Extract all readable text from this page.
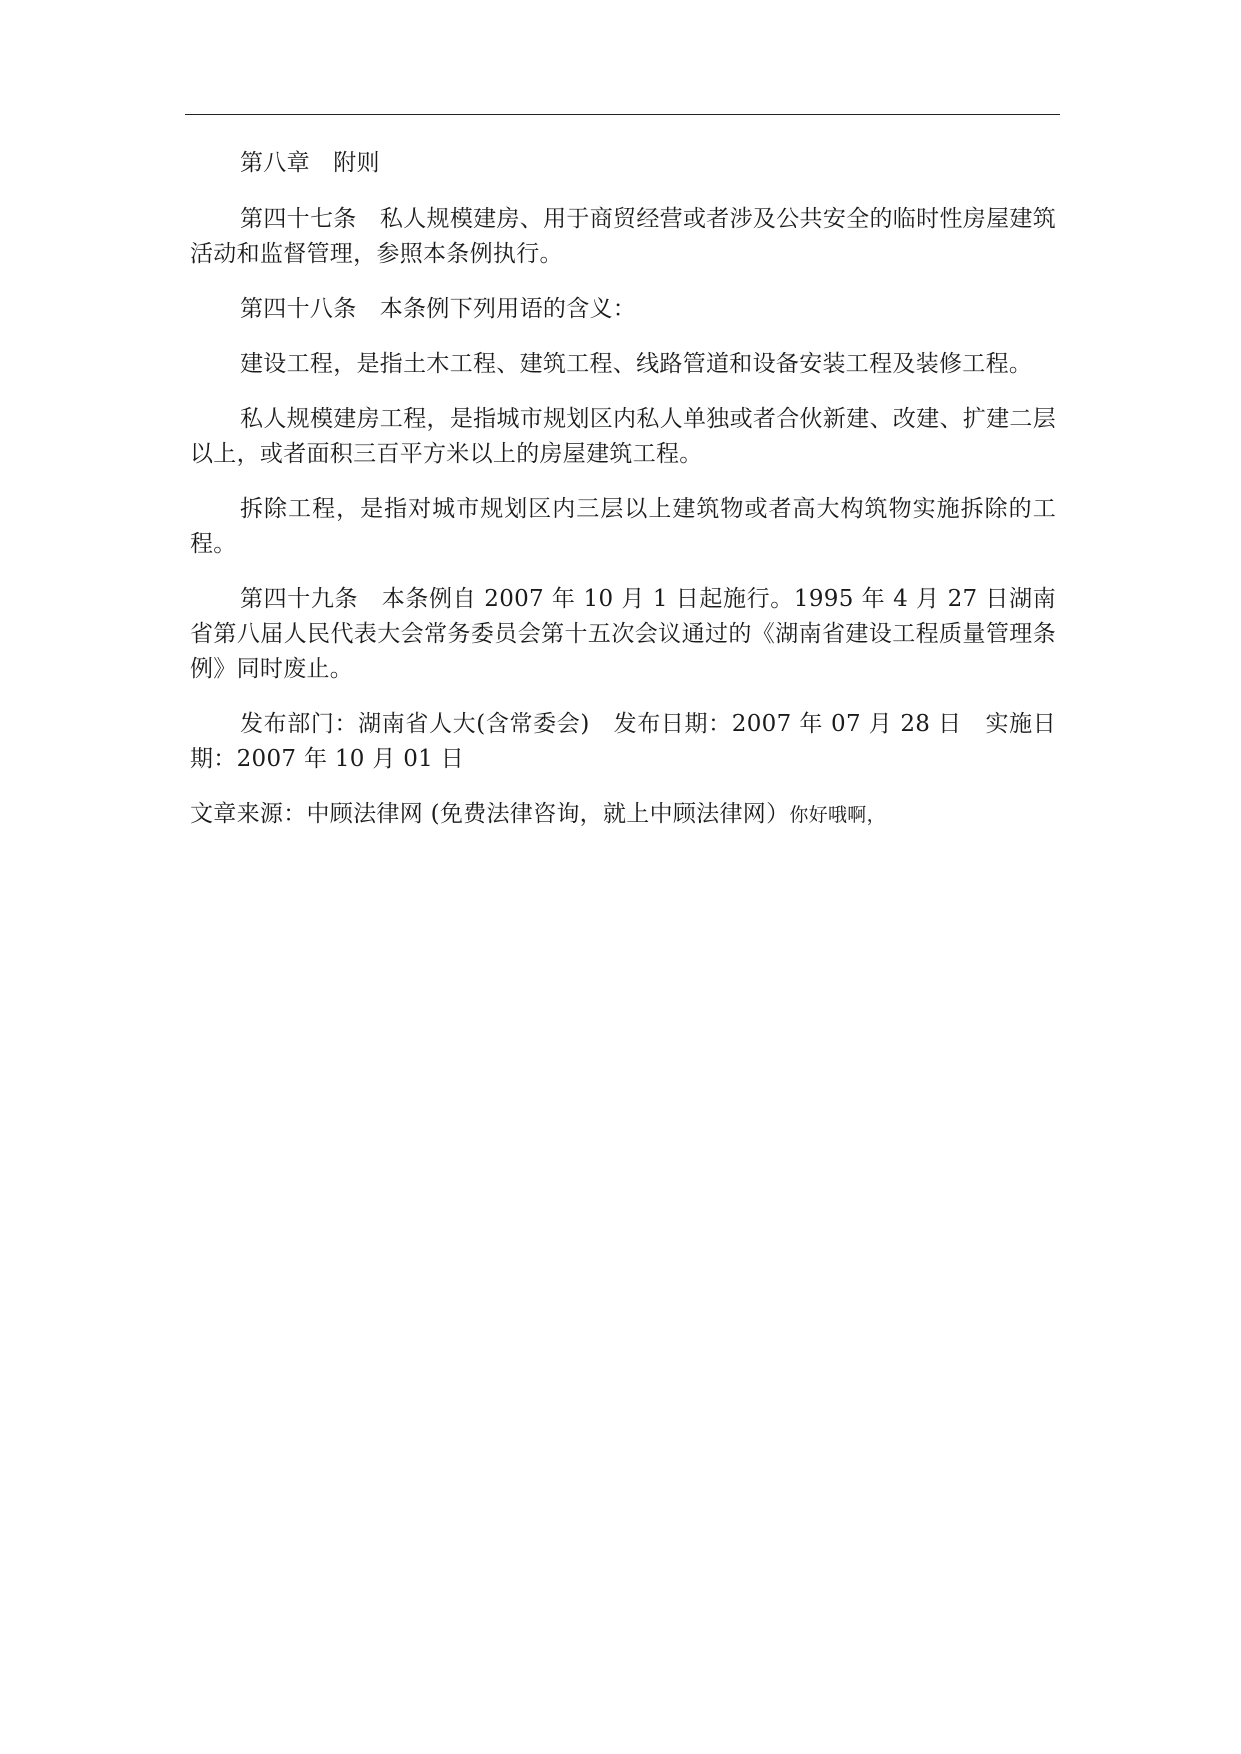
第八章　附则

第四十七条　私人规模建房、用于商贸经营或者涉及公共安全的临时性房屋建筑活动和监督管理，参照本条例执行。

第四十八条　本条例下列用语的含义：

建设工程，是指土木工程、建筑工程、线路管道和设备安装工程及装修工程。

私人规模建房工程，是指城市规划区内私人单独或者合伙新建、改建、扩建二层以上，或者面积三百平方米以上的房屋建筑工程。

拆除工程，是指对城市规划区内三层以上建筑物或者高大构筑物实施拆除的工程。

第四十九条　本条例自 2007 年 10 月 1 日起施行。1995 年 4 月 27 日湖南省第八届人民代表大会常务委员会第十五次会议通过的《湖南省建设工程质量管理条例》同时废止。

发布部门：湖南省人大(含常委会)　发布日期：2007 年 07 月 28 日　实施日期：2007 年 10 月 01 日

文章来源：中顾法律网 (免费法律咨询，就上中顾法律网）你好哦啊，
